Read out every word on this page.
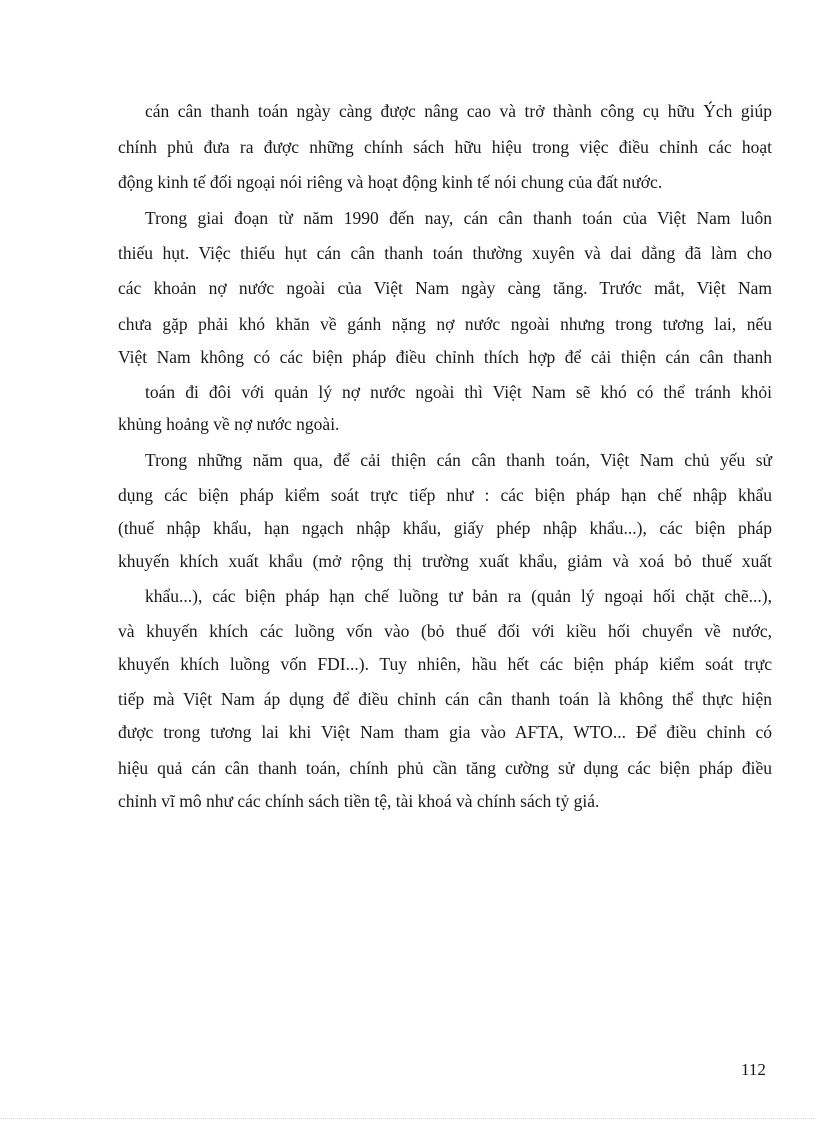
cán cân thanh toán ngày càng được nâng cao và trở thành công cụ hữu Ých giúp
chính phủ đưa ra được những chính sách hữu hiệu trong việc điều chỉnh các hoạt
động kinh tế đối ngoại nói riêng và hoạt động kinh tế nói chung của đất nước.
Trong giai đoạn từ năm 1990 đến nay, cán cân thanh toán của Việt Nam luôn
thiếu hụt. Việc thiếu hụt cán cân thanh toán thường xuyên và dai dẳng đã làm cho
các khoản nợ nước ngoài của Việt Nam ngày càng tăng. Trước mắt, Việt Nam
chưa gặp phải khó khăn về gánh nặng nợ nước ngoài nhưng trong tương lai, nếu
Việt Nam không có các biện pháp điều chỉnh thích hợp để cải thiện cán cân thanh
toán đi đôi với quản lý nợ nước ngoài thì Việt Nam sẽ khó có thể tránh khỏi
khủng hoảng về nợ nước ngoài.
Trong những năm qua, để cải thiện cán cân thanh toán, Việt Nam chủ yếu sử
dụng các biện pháp kiểm soát trực tiếp như : các biện pháp hạn chế nhập khẩu
(thuế nhập khẩu, hạn ngạch nhập khẩu, giấy phép nhập khẩu...), các biện pháp
khuyến khích xuất khẩu (mở rộng thị trường xuất khẩu, giảm và xoá bỏ thuế xuất
khẩu...), các biện pháp hạn chế luồng tư bản ra (quản lý ngoại hối chặt chẽ...),
và khuyến khích các luồng vốn vào (bỏ thuế đối với kiều hối chuyển về nước,
khuyến khích luồng vốn FDI...). Tuy nhiên, hầu hết các biện pháp kiểm soát trực
tiếp mà Việt Nam áp dụng để điều chỉnh cán cân thanh toán là không thể thực hiện
được trong tương lai khi Việt Nam tham gia vào AFTA, WTO... Để điều chỉnh có
hiệu quả cán cân thanh toán, chính phủ cần tăng cường sử dụng các biện pháp điều
chỉnh vĩ mô như các chính sách tiền tệ, tài khoá và chính sách tỷ giá.
112
